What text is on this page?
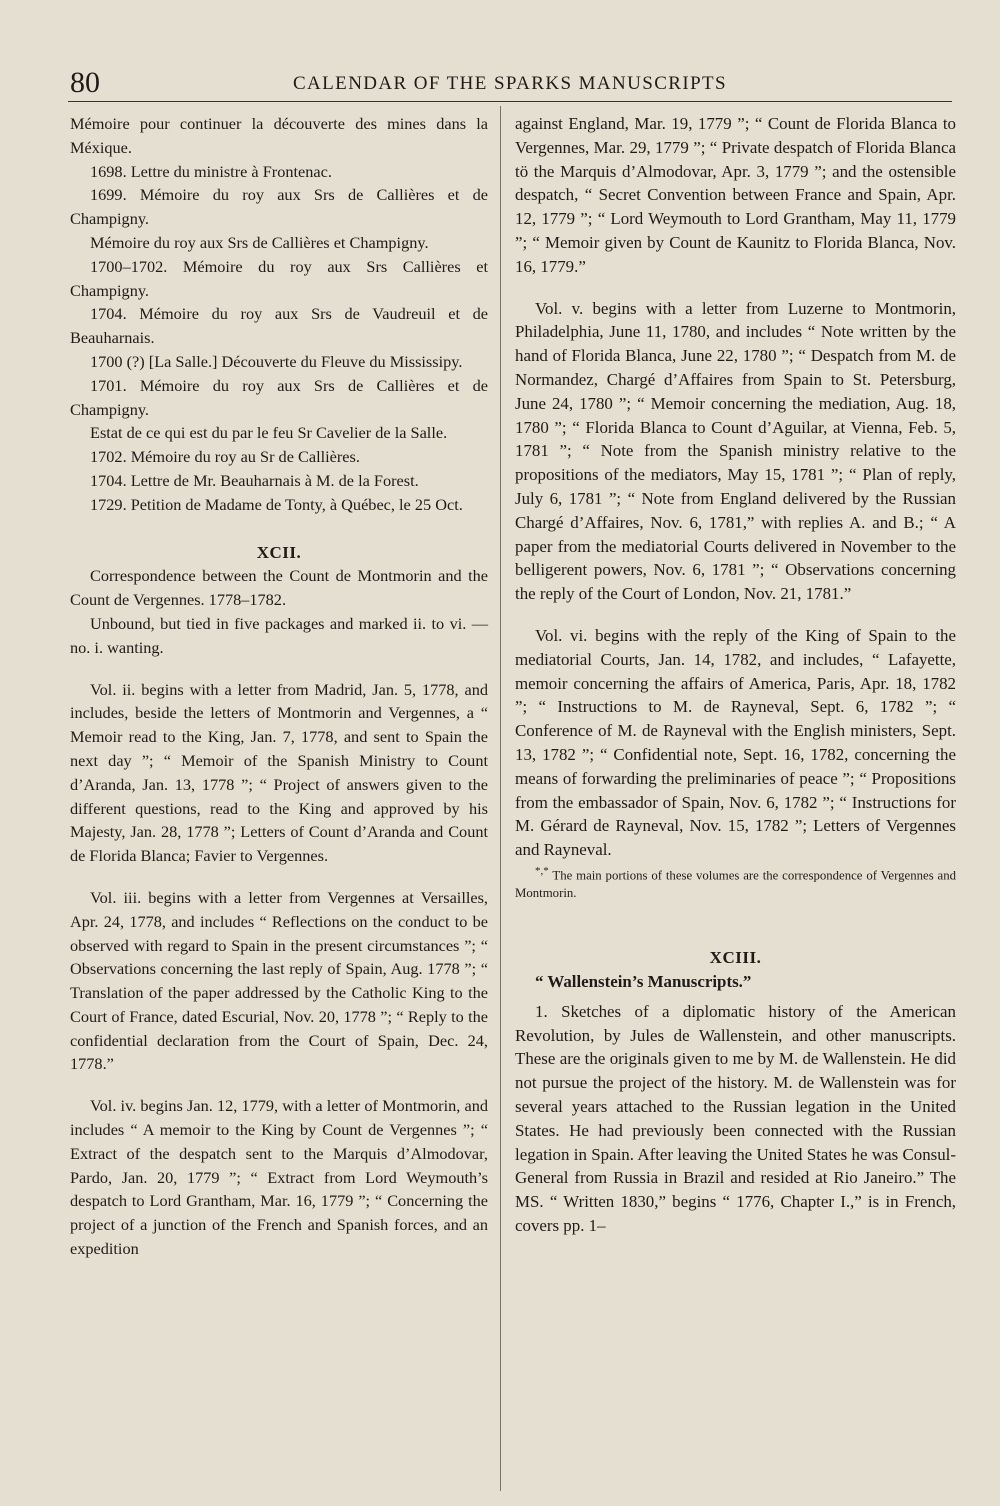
80	CALENDAR OF THE SPARKS MANUSCRIPTS

Mémoire pour continuer la découverte des mines dans la Méxique.

1698. Lettre du ministre à Frontenac.

1699. Mémoire du roy aux Srs de Callières et de Champigny.

Mémoire du roy aux Srs de Callières et Champigny.

1700–1702. Mémoire du roy aux Srs Callières et Champigny.

1704. Mémoire du roy aux Srs de Vaudreuil et de Beauharnais.

1700 (?) [La Salle.] Découverte du Fleuve du Mississipy.

1701. Mémoire du roy aux Srs de Callières et de Champigny.

Estat de ce qui est du par le feu Sr Cavelier de la Salle.

1702. Mémoire du roy au Sr de Callières.

1704. Lettre de Mr. Beauharnais à M. de la Forest.

1729. Petition de Madame de Tonty, à Québec, le 25 Oct.

XCII.

Correspondence between the Count de Montmorin and the Count de Vergennes. 1778–1782.

Unbound, but tied in five packages and marked ii. to vi. — no. i. wanting.

Vol. ii. begins with a letter from Madrid, Jan. 5, 1778, and includes, beside the letters of Montmorin and Vergennes, a “ Memoir read to the King, Jan. 7, 1778, and sent to Spain the next day ”; “ Memoir of the Spanish Ministry to Count d’Aranda, Jan. 13, 1778 ”; “ Project of answers given to the different questions, read to the King and approved by his Majesty, Jan. 28, 1778 ”; Letters of Count d’Aranda and Count de Florida Blanca; Favier to Vergennes.

Vol. iii. begins with a letter from Vergennes at Versailles, Apr. 24, 1778, and includes “ Reflections on the conduct to be observed with regard to Spain in the present circumstances ”; “ Observations concerning the last reply of Spain, Aug. 1778 ”; “ Translation of the paper addressed by the Catholic King to the Court of France, dated Escurial, Nov. 20, 1778 ”; “ Reply to the confidential declaration from the Court of Spain, Dec. 24, 1778.”

Vol. iv. begins Jan. 12, 1779, with a letter of Montmorin, and includes “ A memoir to the King by Count de Vergennes ”; “ Extract of the despatch sent to the Marquis d’Almodovar, Pardo, Jan. 20, 1779 ”; “ Extract from Lord Weymouth’s despatch to Lord Grantham, Mar. 16, 1779 ”; “ Concerning the project of a junction of the French and Spanish forces, and an expedition

against England, Mar. 19, 1779 ”; “ Count de Florida Blanca to Vergennes, Mar. 29, 1779 ”; “ Private despatch of Florida Blanca tö the Marquis d’Almodovar, Apr. 3, 1779 ”; and the ostensible despatch, “ Secret Convention between France and Spain, Apr. 12, 1779 ”; “ Lord Weymouth to Lord Grantham, May 11, 1779 ”; “ Memoir given by Count de Kaunitz to Florida Blanca, Nov. 16, 1779.”

Vol. v. begins with a letter from Luzerne to Montmorin, Philadelphia, June 11, 1780, and includes “ Note written by the hand of Florida Blanca, June 22, 1780 ”; “ Despatch from M. de Normandez, Chargé d’Affaires from Spain to St. Petersburg, June 24, 1780 ”; “ Memoir concerning the mediation, Aug. 18, 1780 ”; “ Florida Blanca to Count d’Aguilar, at Vienna, Feb. 5, 1781 ”; “ Note from the Spanish ministry relative to the propositions of the mediators, May 15, 1781 ”; “ Plan of reply, July 6, 1781 ”; “ Note from England delivered by the Russian Chargé d’Affaires, Nov. 6, 1781,” with replies A. and B.; “ A paper from the mediatorial Courts delivered in November to the belligerent powers, Nov. 6, 1781 ”; “ Observations concerning the reply of the Court of London, Nov. 21, 1781.”

Vol. vi. begins with the reply of the King of Spain to the mediatorial Courts, Jan. 14, 1782, and includes, “ Lafayette, memoir concerning the affairs of America, Paris, Apr. 18, 1782 ”; “ Instructions to M. de Rayneval, Sept. 6, 1782 ”; “ Conference of M. de Rayneval with the English ministers, Sept. 13, 1782 ”; “ Confidential note, Sept. 16, 1782, concerning the means of forwarding the preliminaries of peace ”; “ Propositions from the embassador of Spain, Nov. 6, 1782 ”; “ Instructions for M. Gérard de Rayneval, Nov. 15, 1782 ”; Letters of Vergennes and Rayneval.

*,* The main portions of these volumes are the correspondence of Vergennes and Montmorin.

XCIII.

“ Wallenstein’s Manuscripts.”

1. Sketches of a diplomatic history of the American Revolution, by Jules de Wallenstein, and other manuscripts. These are the originals given to me by M. de Wallenstein. He did not pursue the project of the history. M. de Wallenstein was for several years attached to the Russian legation in the United States. He had previously been connected with the Russian legation in Spain. After leaving the United States he was Consul-General from Russia in Brazil and resided at Rio Janeiro.” The MS. “ Written 1830,” begins “ 1776, Chapter I.,” is in French, covers pp. 1–
